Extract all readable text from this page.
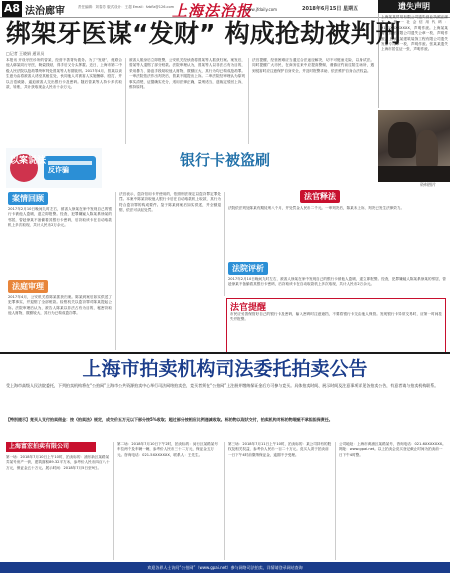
A8 法治廊审	责任编辑：刘春芳 版式设计：王超 Email：fzbflz@126.com
上海法治报
www.jfdaily.com	2018年6月15日 星期五	遗失声明
上海某某贸易有限公司遗失营业执照正副本，统一社会信用代码：9131XXXXXXXX，声明作废。上海某某餐饮管理有限公司遗失公章一枚，声明作废。上海某某建筑装饰工程有限公司遗失发票专用章一枚，声明作废。张某某遗失上海市居住证一张，声明作废。
绑架牙医谋“发财” 构成抢劫被判刑
□记者 王晓娟 通讯员
本报讯 开设牙医诊所的曾某，经营不善背负债务。为了“发财”，竟联合他人绑架同行牙医，勒索钱财，得手后又分头挥霍。近日，上海市第二中级人民法院以抢劫罪终审判处曾某等人有期徒刑。2017年4月，曾某以谈生意为由将被害人诱至其租住处，伙同他人对被害人实施捆绑、殴打，并以言语威胁，逼迫被害人交出银行卡及密码。随后曾某等人持卡多次取款、转账，共计获取现金人民币十余万元。
被害人脱身后立即报警，公安机关经侦查将曾某等人抓获归案。案发后，曾某等人退赔了部分赃款。法院审理认为，曾某等人以非法占有为目的，采用暴力、胁迫手段劫取他人财物，数额巨大，其行为均已构成抢劫罪。一审法院依法作出判决后，曾某不服提出上诉。二审法院经审理认为原判事实清楚、证据确实充分，适用法律正确，量刑适当，遂裁定驳回上诉，维持原判。
法官提醒，经营困难应当通过合法途径解决，切不可铤而走险，以身试法。同时提醒广大市民，在商务往来中应提高警惕，谨慎应约前往陌生场所，遇到侵害时应注意保护自身安全，并及时报警求助，依法维护自身合法权益。
资料图片
以案说法
反诈骗
银行卡被盗刷
案情回顾
2017年2月10日晚间九时左右，被害人徐某在家中发现自己的银行卡被他人盗刷，遂立即报警。经查，犯罪嫌疑人陈某系徐某的邻居，曾趁徐某不备偷看其银行卡密码，后窃取该卡在自动取款机上多次取现，共计人民币2万余元。
法庭审理
2017年4月，公安机关将陈某抓获归案。陈某到案后如实供述了犯罪事实，并退赔了全部赃款。检察机关以盗窃罪对陈某提起公诉。法院审理后认为，被告人陈某以非法占有为目的，秘密窃取他人财物，数额较大，其行为已构成盗窃罪。
法官表示，盗窃信用卡并使用的，依照刑法规定以盗窃罪定罪处罚。本案中陈某窃取他人银行卡后在自动取款机上取款，其行为符合盗窃罪的构成要件。鉴于陈某到案后如实供述，并全额退赔，依法可从轻处罚。
法官释法
法院依法判处陈某有期徒刑八个月，并处罚金人民币二千元。一审判决后，陈某未上诉，判决已发生法律效力。
法院评析
2017年2月10日晚间九时左右，被害人徐某在家中发现自己的银行卡被他人盗刷，遂立即报警。经查，犯罪嫌疑人陈某系徐某的邻居，曾趁徐某不备偷看其银行卡密码，后窃取该卡在自动取款机上多次取现，共计人民币2万余元。
法官提醒
市民应妥善保管好自己的银行卡及密码，输入密码时注意遮挡，不要将银行卡交由他人保管。发现银行卡异常交易时，应第一时间挂失并报警。
上海市拍卖机构司法委托拍卖公告
受上海市高级人民法院委托，下列拍卖机构将在“公拍网”上海市公共资源拍卖中心举行司法网络拍卖会，竞买者须在“公拍网”上注册并缴纳保证金后方可参与竞买。具体拍卖时间、展示时间及注意事项详见各拍卖公告，有意者请与拍卖机构联系。
【特别提示】竞买人支付拍卖佣金：按《拍卖法》规定，成交价五万元以下部分按5%收取；超过部分按相应比例递减收取。标的物以现状交付，拍卖机构对标的物瑕疵不承担担保责任。
上海富宏拍卖有限公司
第一场：2018年7月10日上午10时，拍卖标的：浦东新区某路某弄某号房产一套，建筑面积89.32平方米，参考价人民币四百八十万元，保证金五十万元。展示时间：2018年7月5日至9日。
第二场：2018年7月10日下午2时，拍卖标的：闵行区某路某号车位两个及车辆一辆，参考价人民币三十二万元，保证金五万元。咨询电话：021-5XXXXXXX，联系人：王先生。
第三场：2018年7月11日上午10时，拍卖标的：某公司持有的股权及相关权益，参考价人民币一百二十万元。竞买人须于拍卖前一日下午4时前缴纳保证金，逾期不予受理。
公司地址：上海市黄浦区某路某号，咨询电话：021-6XXXXXXX。网址：www.gpai.net。以上拍卖会竞买登记截止时间为拍卖前一日下午4时整。
欢迎各界人士访问“公拍网”（www.gpai.net）参与网络司法拍卖，详情请登录网站查询
